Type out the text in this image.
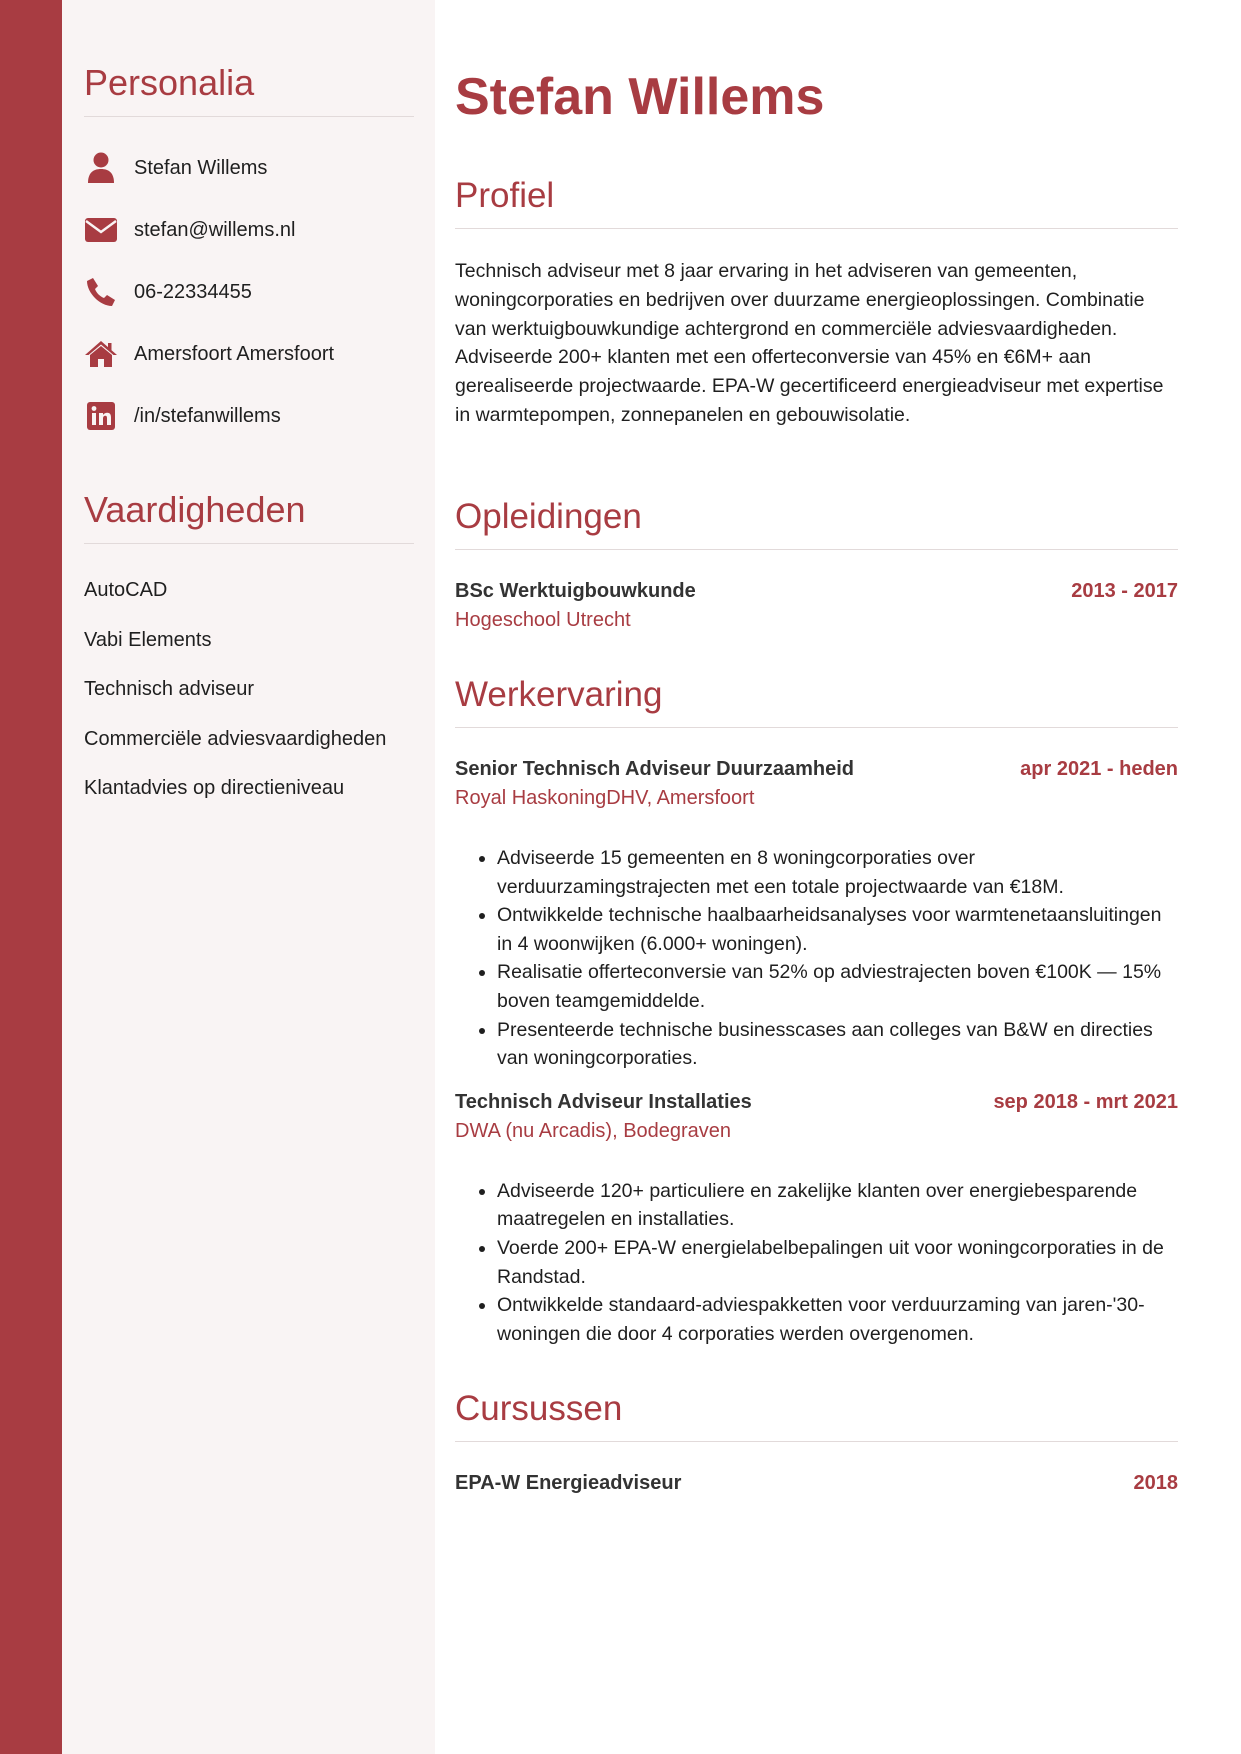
Personalia
Stefan Willems
stefan@willems.nl
06-22334455
Amersfoort Amersfoort
/in/stefanwillems
Vaardigheden
AutoCAD
Vabi Elements
Technisch adviseur
Commerciële adviesvaardigheden
Klantadvies op directieniveau
Stefan Willems
Profiel

Technisch adviseur met 8 jaar ervaring in het adviseren van gemeenten, woningcorporaties en bedrijven over duurzame energieoplossingen. Combinatie van werktuigbouwkundige achtergrond en commerciële adviesvaardigheden. Adviseerde 200+ klanten met een offerteconversie van 45% en €6M+ aan gerealiseerde projectwaarde. EPA-W gecertificeerd energieadviseur met expertise in warmtepompen, zonnepanelen en gebouwisolatie.

Opleidingen
BSc Werktuigbouwkunde	2013 - 2017
Hogeschool Utrecht
Werkervaring
Senior Technisch Adviseur Duurzaamheid	apr 2021 - heden
Royal HaskoningDHV, Amersfoort
• Adviseerde 15 gemeenten en 8 woningcorporaties over verduurzamingstrajecten met een totale projectwaarde van €18M.
• Ontwikkelde technische haalbaarheidsanalyses voor warmtenetaansluitingen in 4 woonwijken (6.000+ woningen).
• Realisatie offerteconversie van 52% op adviestrajecten boven €100K — 15% boven teamgemiddelde.
• Presenteerde technische businesscases aan colleges van B&W en directies van woningcorporaties.
Technisch Adviseur Installaties	sep 2018 - mrt 2021
DWA (nu Arcadis), Bodegraven
• Adviseerde 120+ particuliere en zakelijke klanten over energiebesparende maatregelen en installaties.
• Voerde 200+ EPA-W energielabelbepalingen uit voor woningcorporaties in de Randstad.
• Ontwikkelde standaard-adviespakketten voor verduurzaming van jaren-'30-woningen die door 4 corporaties werden overgenomen.
Cursussen
EPA-W Energieadviseur	2018
